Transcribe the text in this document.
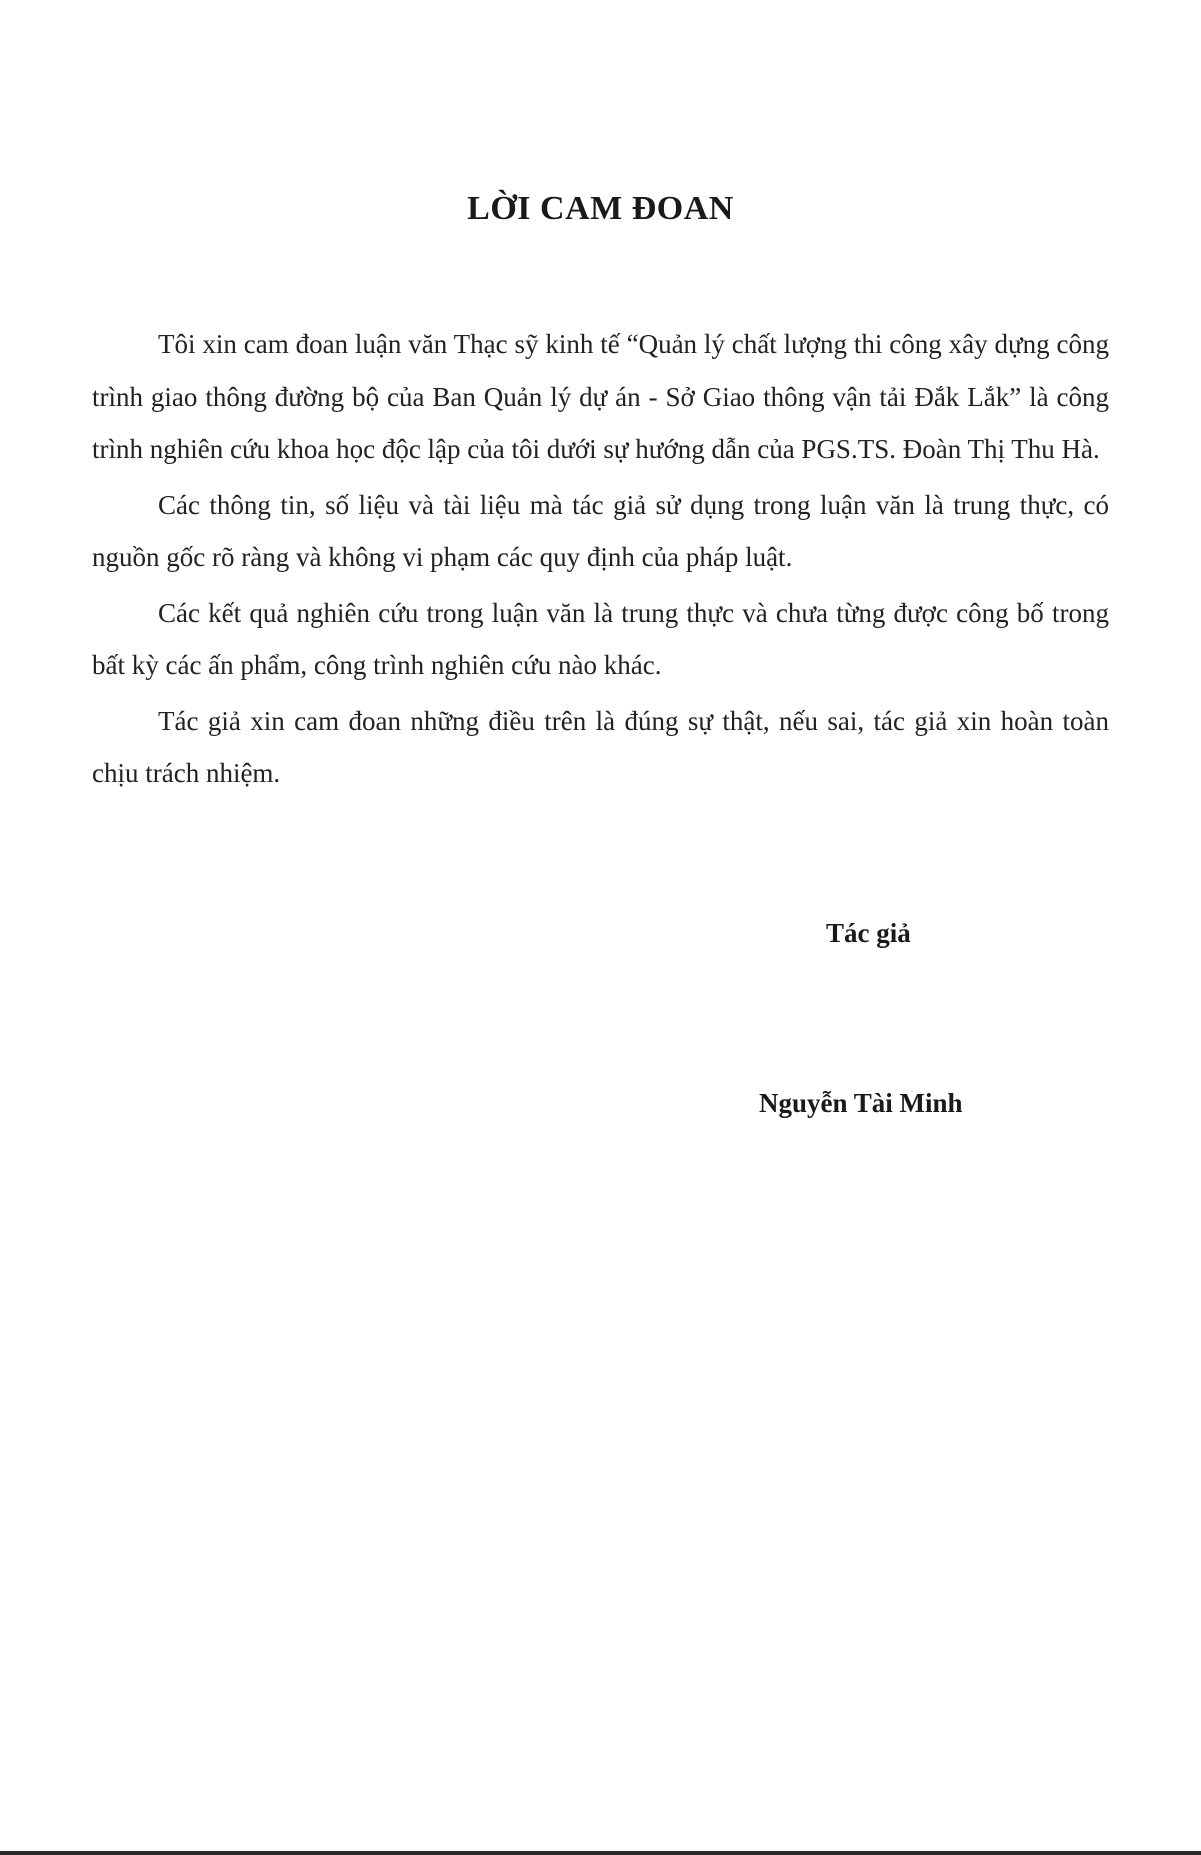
LỜI CAM ĐOAN

Tôi xin cam đoan luận văn Thạc sỹ kinh tế “Quản lý chất lượng thi công xây dựng công trình giao thông đường bộ của Ban Quản lý dự án - Sở Giao thông vận tải Đắk Lắk” là công trình nghiên cứu khoa học độc lập của tôi dưới sự hướng dẫn của PGS.TS. Đoàn Thị Thu Hà.

Các thông tin, số liệu và tài liệu mà tác giả sử dụng trong luận văn là trung thực, có nguồn gốc rõ ràng và không vi phạm các quy định của pháp luật.

Các kết quả nghiên cứu trong luận văn là trung thực và chưa từng được công bố trong bất kỳ các ấn phẩm, công trình nghiên cứu nào khác.

Tác giả xin cam đoan những điều trên là đúng sự thật, nếu sai, tác giả xin hoàn toàn chịu trách nhiệm.

Tác giả
Nguyễn Tài Minh
